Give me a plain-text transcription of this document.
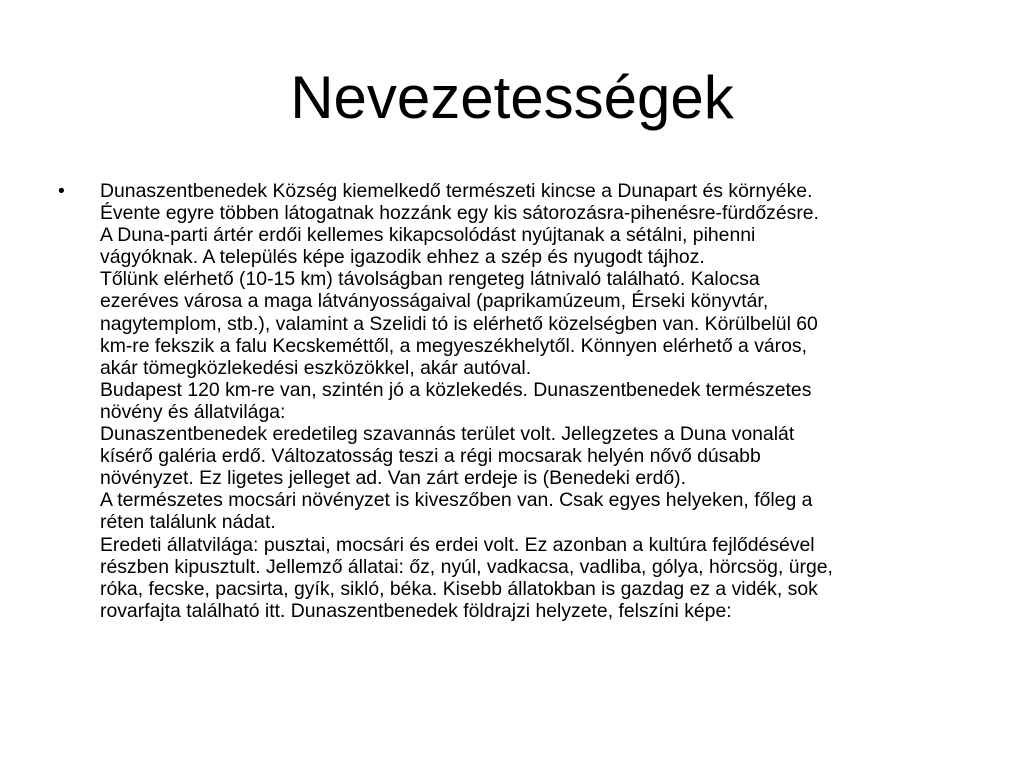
Nevezetességek
• Dunaszentbenedek Község kiemelkedő természeti kincse a Dunapart és környéke.
Évente egyre többen látogatnak hozzánk egy kis sátorozásra-pihenésre-fürdőzésre.
A Duna-parti ártér erdői kellemes kikapcsolódást nyújtanak a sétálni, pihenni
vágyóknak. A település képe igazodik ehhez a szép és nyugodt tájhoz.
Tőlünk elérhető (10-15 km) távolságban rengeteg látnivaló található. Kalocsa
ezeréves városa a maga látványosságaival (paprikamúzeum, Érseki könyvtár,
nagytemplom, stb.), valamint a Szelidi tó is elérhető közelségben van. Körülbelül 60
km-re fekszik a falu Kecskeméttől, a megyeszékhelytől. Könnyen elérhető a város,
akár tömegközlekedési eszközökkel, akár autóval.
Budapest 120 km-re van, szintén jó a közlekedés. Dunaszentbenedek természetes
növény és állatvilága:
Dunaszentbenedek eredetileg szavannás terület volt. Jellegzetes a Duna vonalát
kísérő galéria erdő. Változatosság teszi a régi mocsarak helyén nővő dúsabb
növényzet. Ez ligetes jelleget ad. Van zárt erdeje is (Benedeki erdő).
A természetes mocsári növényzet is kiveszőben van. Csak egyes helyeken, főleg a
réten találunk nádat.
Eredeti állatvilága: pusztai, mocsári és erdei volt. Ez azonban a kultúra fejlődésével
részben kipusztult. Jellemző állatai: őz, nyúl, vadkacsa, vadliba, gólya, hörcsög, ürge,
róka, fecske, pacsirta, gyík, sikló, béka. Kisebb állatokban is gazdag ez a vidék, sok
rovarfajta található itt. Dunaszentbenedek földrajzi helyzete, felszíni képe:
